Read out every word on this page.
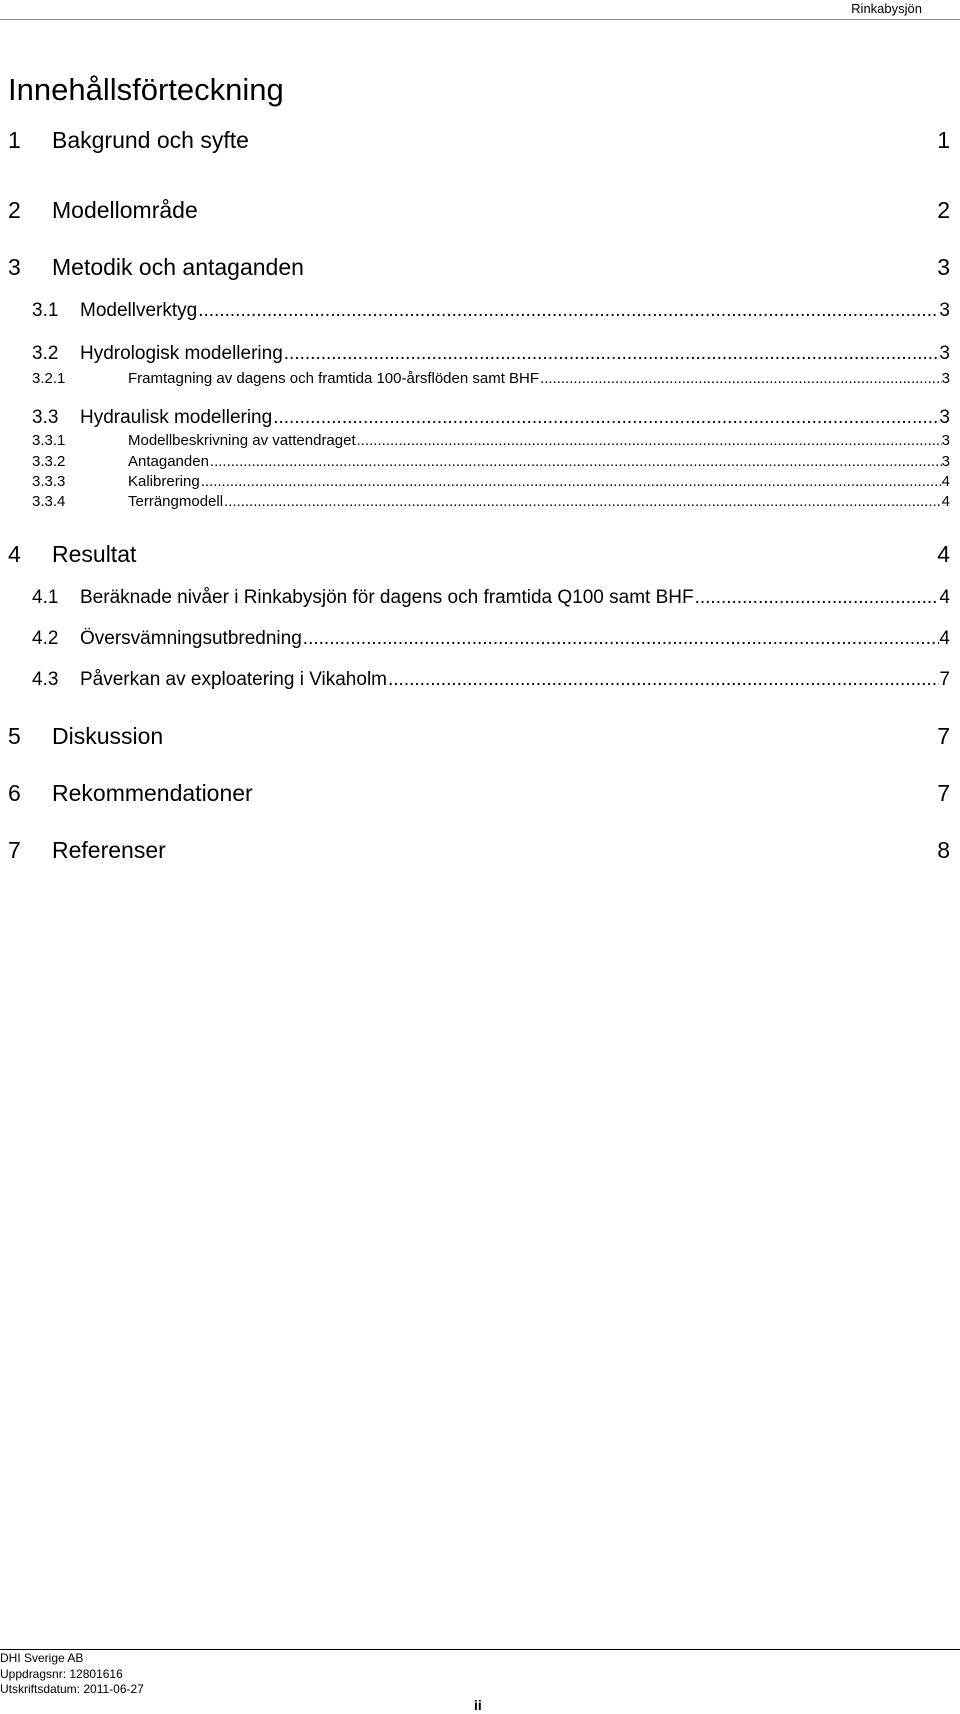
Rinkabysjön
Innehållsförteckning
1	Bakgrund och syfte	1
2	Modellområde	2
3	Metodik och antaganden	3
3.1	Modellverktyg .....	3
3.2	Hydrologisk modellering .....	3
3.2.1	Framtagning av dagens och framtida 100-årsflöden samt BHF .....	3
3.3	Hydraulisk modellering .....	3
3.3.1	Modellbeskrivning av vattendraget .....	3
3.3.2	Antaganden .....	3
3.3.3	Kalibrering .....	4
3.3.4	Terrängmodell .....	4
4	Resultat	4
4.1	Beräknade nivåer i Rinkabysjön för dagens och framtida Q100 samt BHF .....	4
4.2	Översvämningsutbredning .....	4
4.3	Påverkan av exploatering i Vikaholm .....	7
5	Diskussion	7
6	Rekommendationer	7
7	Referenser	8
DHI Sverige AB
Uppdragsnr: 12801616
Utskriftsdatum: 2011-06-27
ii
